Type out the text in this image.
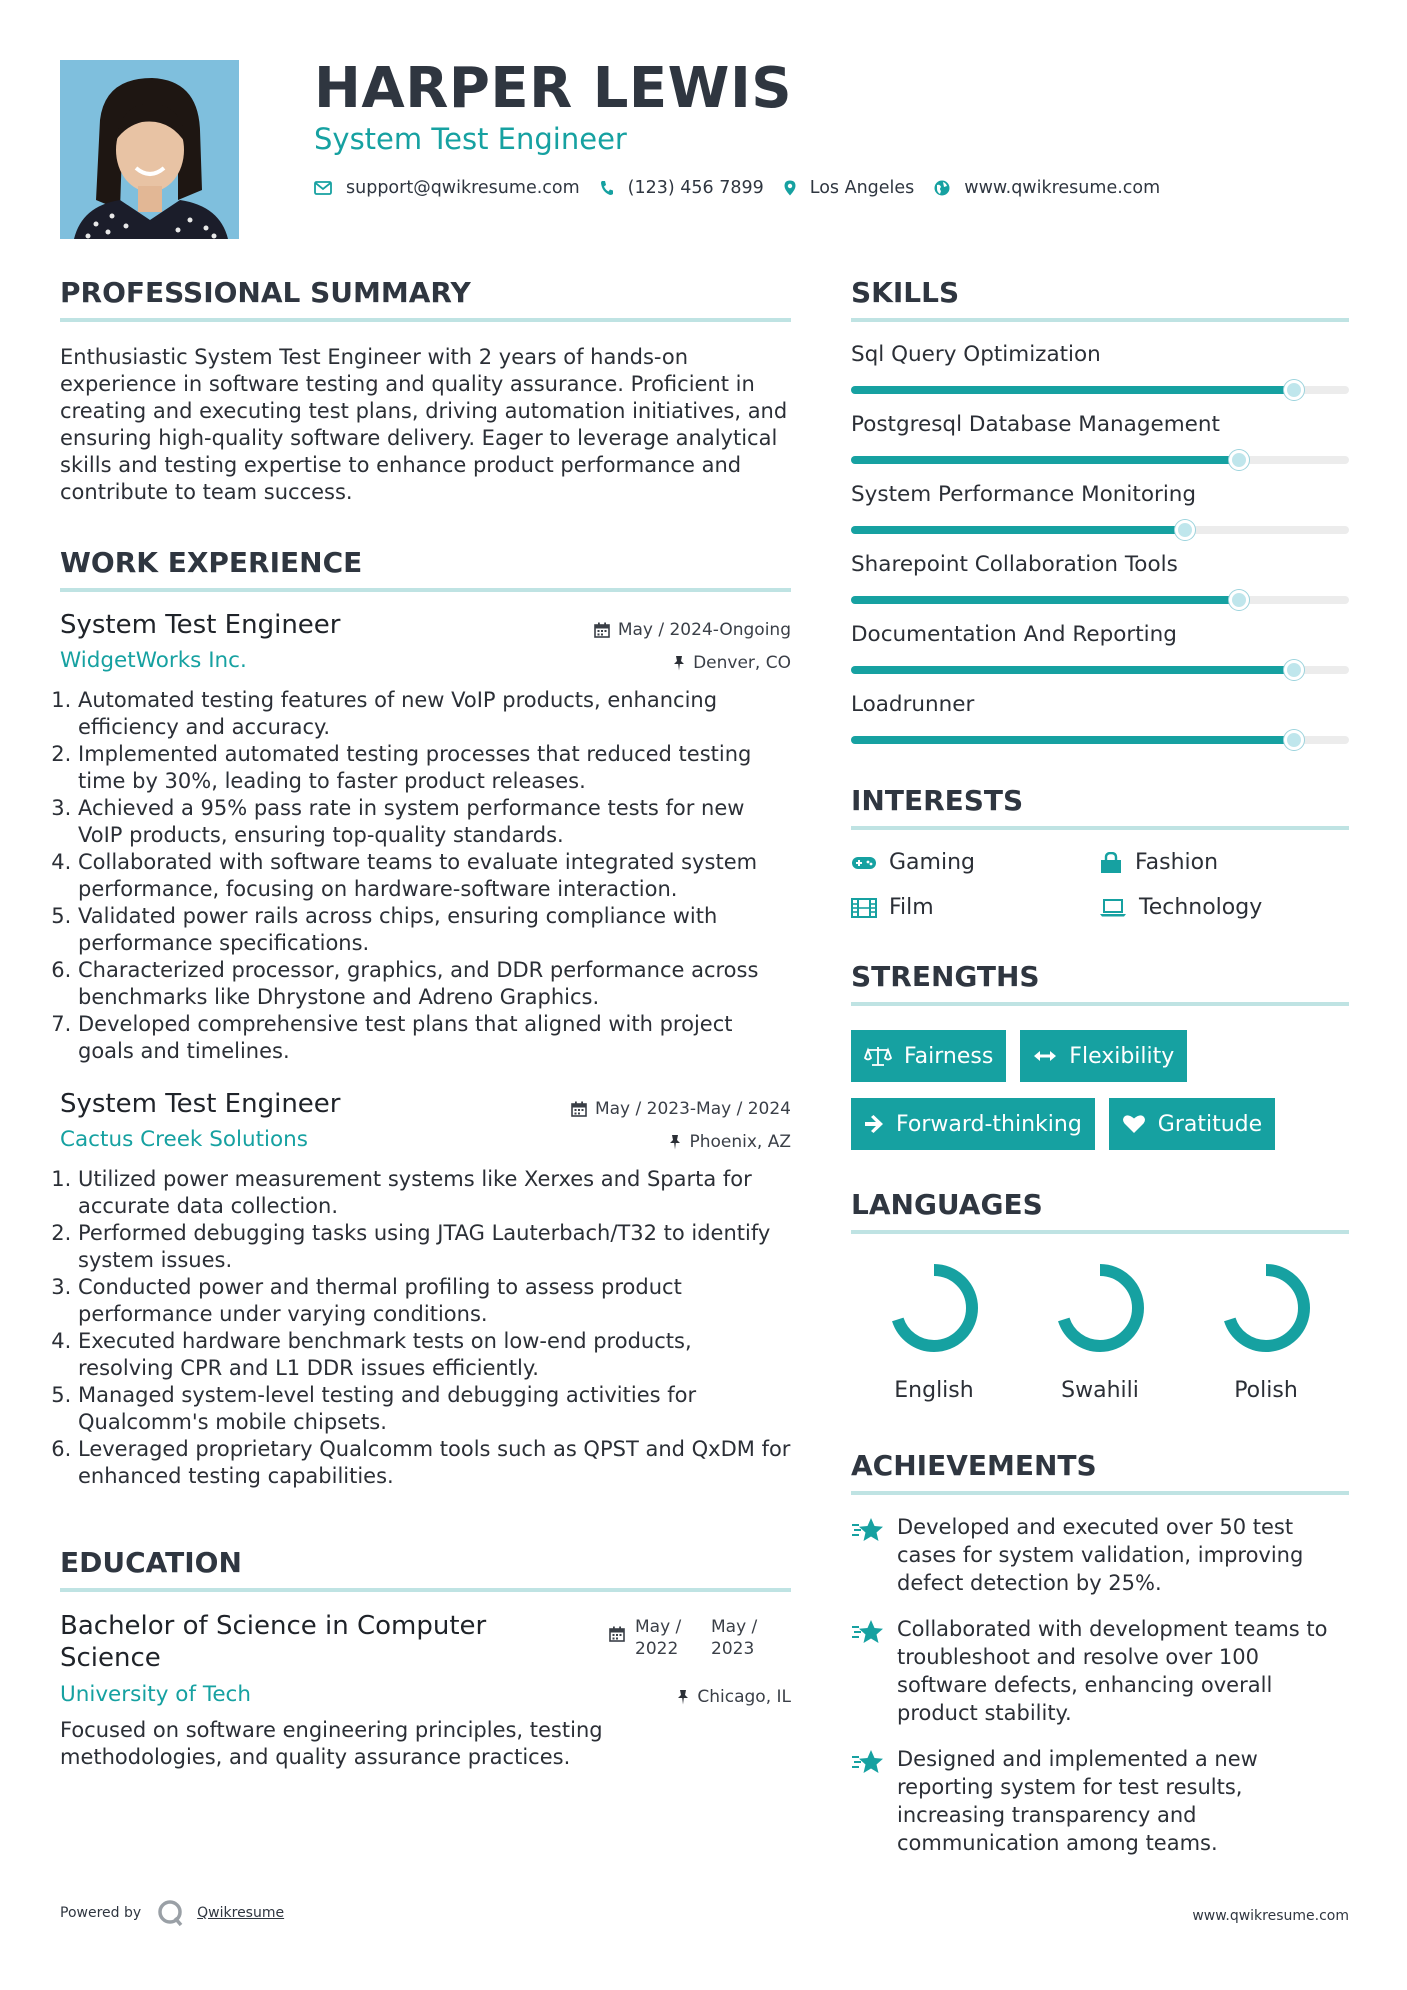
HARPER LEWIS
System Test Engineer
support@qwikresume.com	(123) 456 7899	Los Angeles	www.qwikresume.com
PROFESSIONAL SUMMARY

Enthusiastic System Test Engineer with 2 years of hands-on experience in software testing and quality assurance. Proficient in creating and executing test plans, driving automation initiatives, and ensuring high-quality software delivery. Eager to leverage analytical skills and testing expertise to enhance product performance and contribute to team success.

WORK EXPERIENCE
System Test Engineer	May / 2024-Ongoing
WidgetWorks Inc.	Denver, CO
1. Automated testing features of new VoIP products, enhancing efficiency and accuracy.
2. Implemented automated testing processes that reduced testing time by 30%, leading to faster product releases.
3. Achieved a 95% pass rate in system performance tests for new VoIP products, ensuring top-quality standards.
4. Collaborated with software teams to evaluate integrated system performance, focusing on hardware-software interaction.
5. Validated power rails across chips, ensuring compliance with performance specifications.
6. Characterized processor, graphics, and DDR performance across benchmarks like Dhrystone and Adreno Graphics.
7. Developed comprehensive test plans that aligned with project goals and timelines.
System Test Engineer	May / 2023-May / 2024
Cactus Creek Solutions	Phoenix, AZ
1. Utilized power measurement systems like Xerxes and Sparta for accurate data collection.
2. Performed debugging tasks using JTAG Lauterbach/T32 to identify system issues.
3. Conducted power and thermal profiling to assess product performance under varying conditions.
4. Executed hardware benchmark tests on low-end products, resolving CPR and L1 DDR issues efficiently.
5. Managed system-level testing and debugging activities for Qualcomm's mobile chipsets.
6. Leveraged proprietary Qualcomm tools such as QPST and QxDM for enhanced testing capabilities.
EDUCATION
Bachelor of Science in Computer Science
May / 2022
May / 2023
University of Tech	Chicago, IL

Focused on software engineering principles, testing methodologies, and quality assurance practices.

SKILLS
Sql Query Optimization
Postgresql Database Management
System Performance Monitoring
Sharepoint Collaboration Tools
Documentation And Reporting
Loadrunner
INTERESTS
Gaming	Fashion
Film	Technology
STRENGTHS
Fairness	Flexibility
Forward-thinking	Gratitude
LANGUAGES
English	Swahili	Polish
ACHIEVEMENTS
Developed and executed over 50 test cases for system validation, improving defect detection by 25%.
Collaborated with development teams to troubleshoot and resolve over 100 software defects, enhancing overall product stability.
Designed and implemented a new reporting system for test results, increasing transparency and communication among teams.
Powered by	Qwikresume	www.qwikresume.com
